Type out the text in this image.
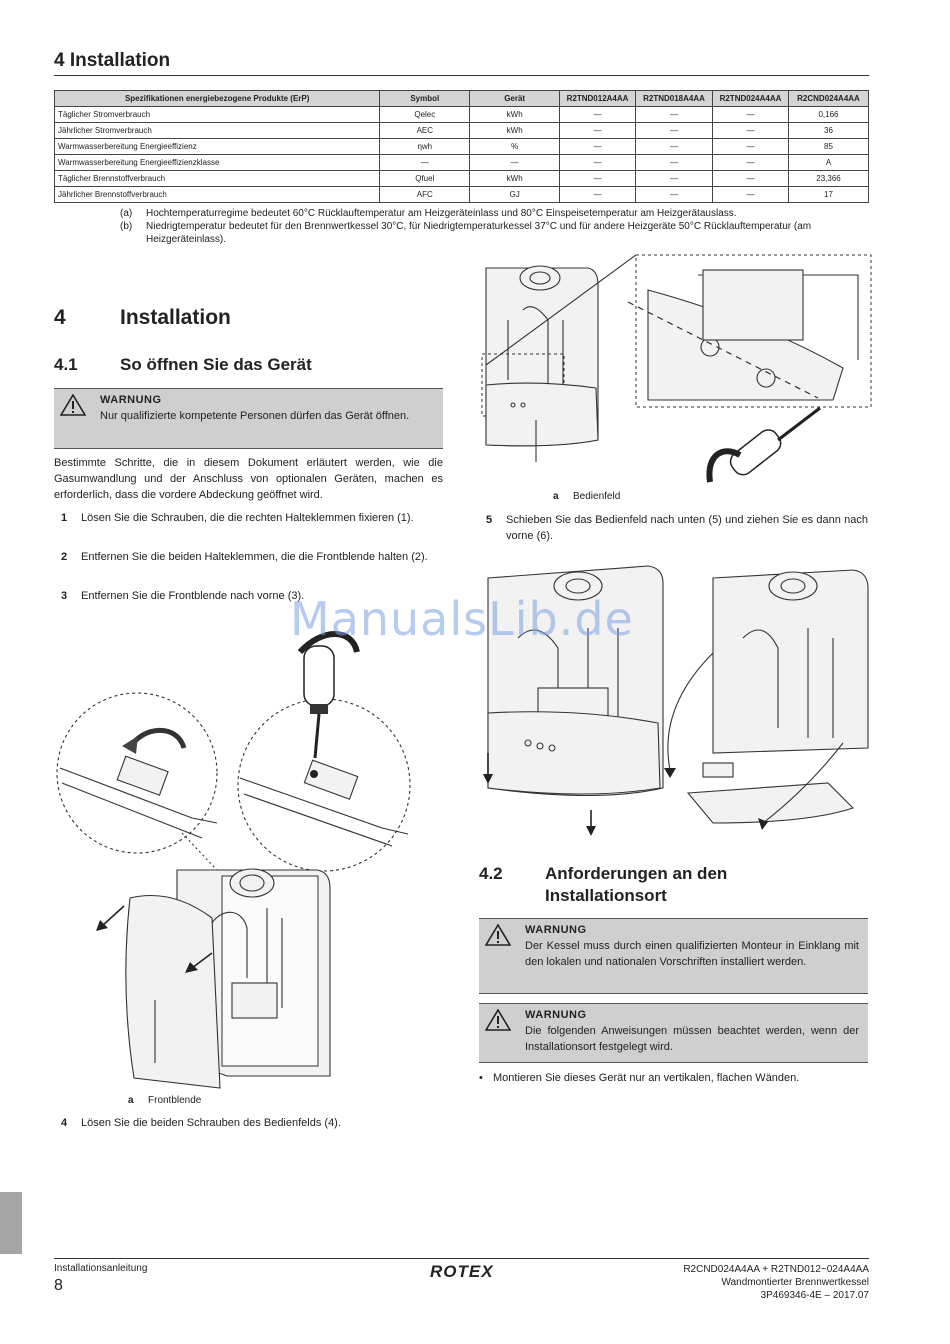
4 Installation
Spezifikationen energiebezogene Produkte (ErP)	Symbol	Gerät	R2TND012A4AA	R2TND018A4AA	R2TND024A4AA	R2CND024A4AA
Täglicher Stromverbrauch	Qelec	kWh	—	—	—	0,166
Jährlicher Stromverbrauch	AEC	kWh	—	—	—	36
Warmwasserbereitung Energieeffizienz	ηwh	%	—	—	—	85
Warmwasserbereitung Energieeffizienzklasse	—	—	—	—	—	A
Täglicher Brennstoffverbrauch	Qfuel	kWh	—	—	—	23,366
Jährlicher Brennstoffverbrauch	AFC	GJ	—	—	—	17
(a)	Hochtemperaturregime bedeutet 60°C Rücklauftemperatur am Heizgeräteinlass und 80°C Einspeisetemperatur am Heizgerätauslass.
(b)	Niedrigtemperatur bedeutet für den Brennwertkessel 30°C, für Niedrigtemperaturkessel 37°C und für andere Heizgeräte 50°C Rücklauftemperatur (am Heizgeräteinlass).
4	Installation
4.1 So öffnen Sie das Gerät
WARNUNG
Nur qualifizierte kompetente Personen dürfen das Gerät öffnen.
Bestimmte Schritte, die in diesem Dokument erläutert werden, wie die Gasumwandlung und der Anschluss von optionalen Geräten, machen es erforderlich, dass die vordere Abdeckung geöffnet wird.
1	Lösen Sie die Schrauben, die die rechten Halteklemmen fixieren (1).
2	Entfernen Sie die beiden Halteklemmen, die die Frontblende halten (2).
3	Entfernen Sie die Frontblende nach vorne (3).
a Frontblende
4	Lösen Sie die beiden Schrauben des Bedienfelds (4).
a Bedienfeld
5	Schieben Sie das Bedienfeld nach unten (5) und ziehen Sie es dann nach vorne (6).
4.2 Anforderungen an den
Installationsort
WARNUNG
Der Kessel muss durch einen qualifizierten Monteur in Einklang mit den lokalen und nationalen Vorschriften installiert werden.
WARNUNG
Die folgenden Anweisungen müssen beachtet werden, wenn der Installationsort festgelegt wird.
• Montieren Sie dieses Gerät nur an vertikalen, flachen Wänden.
ManualsLib.de
Installationsanleitung
8
ROTEX	R2CND024A4AA + R2TND012~024A4AA
Wandmontierter Brennwertkessel
3P469346-4E – 2017.07
